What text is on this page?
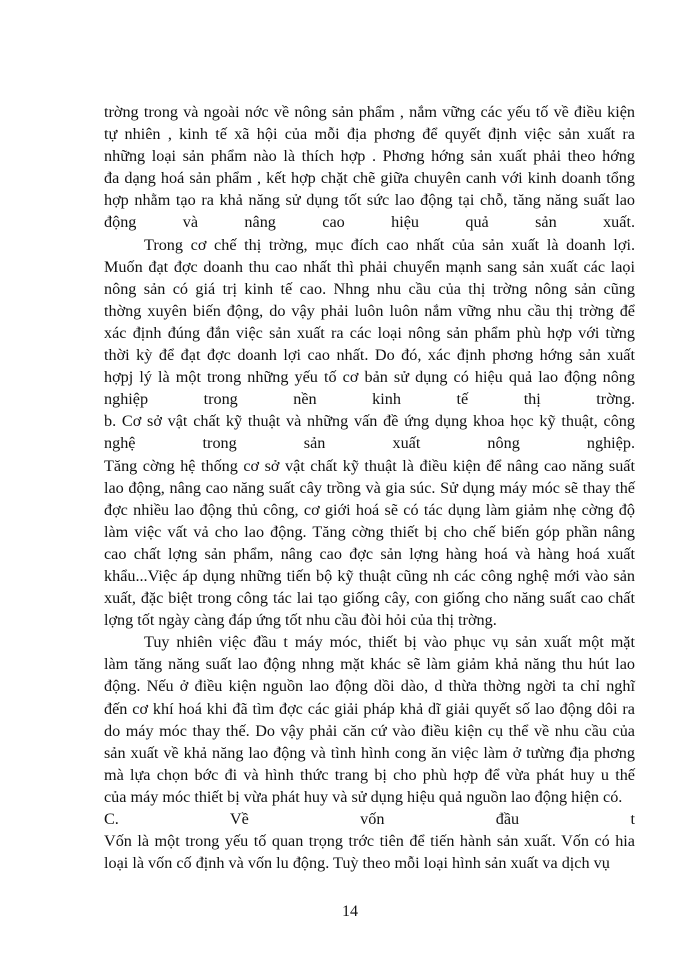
trờng trong và ngoài nớc về nông sản phẩm , nắm vững các yếu tố về điều kiện
tự nhiên , kinh tế xã hội của mỗi địa phơng để quyết định việc sản xuất ra
những loại sản phẩm nào là thích hợp . Phơng hớng sản xuất phải theo hớng
đa dạng hoá sản phẩm , kết hợp chặt chẽ giữa chuyên canh với kinh doanh tổng
hợp nhằm tạo ra khả năng sử dụng tốt sức lao động tại chỗ, tăng năng suất lao
động và nâng cao hiệu quả sản xuất.
Trong cơ chế thị trờng, mục đích cao nhất của sản xuất là doanh lợi.
Muốn đạt đợc doanh thu cao nhất thì phải chuyển mạnh sang sản xuất các laọi
nông sản có giá trị kinh tế cao. Nhng nhu cầu của thị trờng nông sản cũng
thờng xuyên biến động, do vậy phải luôn luôn nắm vững nhu cầu thị trờng để
xác định đúng đắn việc sản xuất ra các loại nông sản phẩm phù hợp với từng
thời kỳ để đạt đợc doanh lợi cao nhất. Do đó, xác định phơng hớng sản xuất
hợpj lý là một trong những yếu tố cơ bản sử dụng có hiệu quả lao động nông
nghiệp trong nền kinh tế thị trờng.
b. Cơ sở vật chất kỹ thuật và những vấn đề ứng dụng khoa học kỹ thuật, công
nghệ trong sản xuất nông nghiệp.
Tăng cờng hệ thống cơ sở vật chất kỹ thuật là điều kiện để nâng cao năng suất
lao động, nâng cao năng suất cây trồng và gia súc. Sử dụng máy móc sẽ thay thế
đợc nhiều lao động thủ công, cơ giới hoá sẽ có tác dụng làm giảm nhẹ cờng độ
làm việc vất vả cho lao động. Tăng cờng thiết bị cho chế biến góp phần nâng
cao chất lợng sản phẩm, nâng cao đợc sản lợng hàng hoá và hàng hoá xuất
khẩu...Việc áp dụng những tiến bộ kỹ thuật cũng nh các công nghệ mới vào sản
xuất, đặc biệt trong công tác lai tạo giống cây, con giống cho năng suất cao chất
lợng tốt ngày càng đáp ứng tốt nhu cầu đòi hỏi của thị trờng.
Tuy nhiên việc đầu t máy móc, thiết bị vào phục vụ sản xuất một mặt
làm tăng năng suất lao động nhng mặt khác sẽ làm giảm khả năng thu hút lao
động. Nếu ở điều kiện nguồn lao động dồi dào, d thừa thờng ngời ta chỉ nghĩ
đến cơ khí hoá khi đã tìm đợc các giải pháp khả dĩ giải quyết số lao động dôi ra
do máy móc thay thế. Do vậy phải căn cứ vào điều kiện cụ thể về nhu cầu của
sản xuất về khả năng lao động và tình hình cong ăn việc làm ở tưừng địa phơng
mà lựa chọn bớc đi và hình thức trang bị cho phù hợp để vừa phát huy u thế
của máy móc thiết bị vừa phát huy và sử dụng hiệu quả nguồn lao động hiện có.
C. Về vốn đầu t
Vốn là một trong yếu tố quan trọng trớc tiên để tiến hành sản xuất. Vốn có hia
loại là vốn cố định và vốn lu động. Tuỳ theo mỗi loại hình sản xuất va dịch vụ
14
